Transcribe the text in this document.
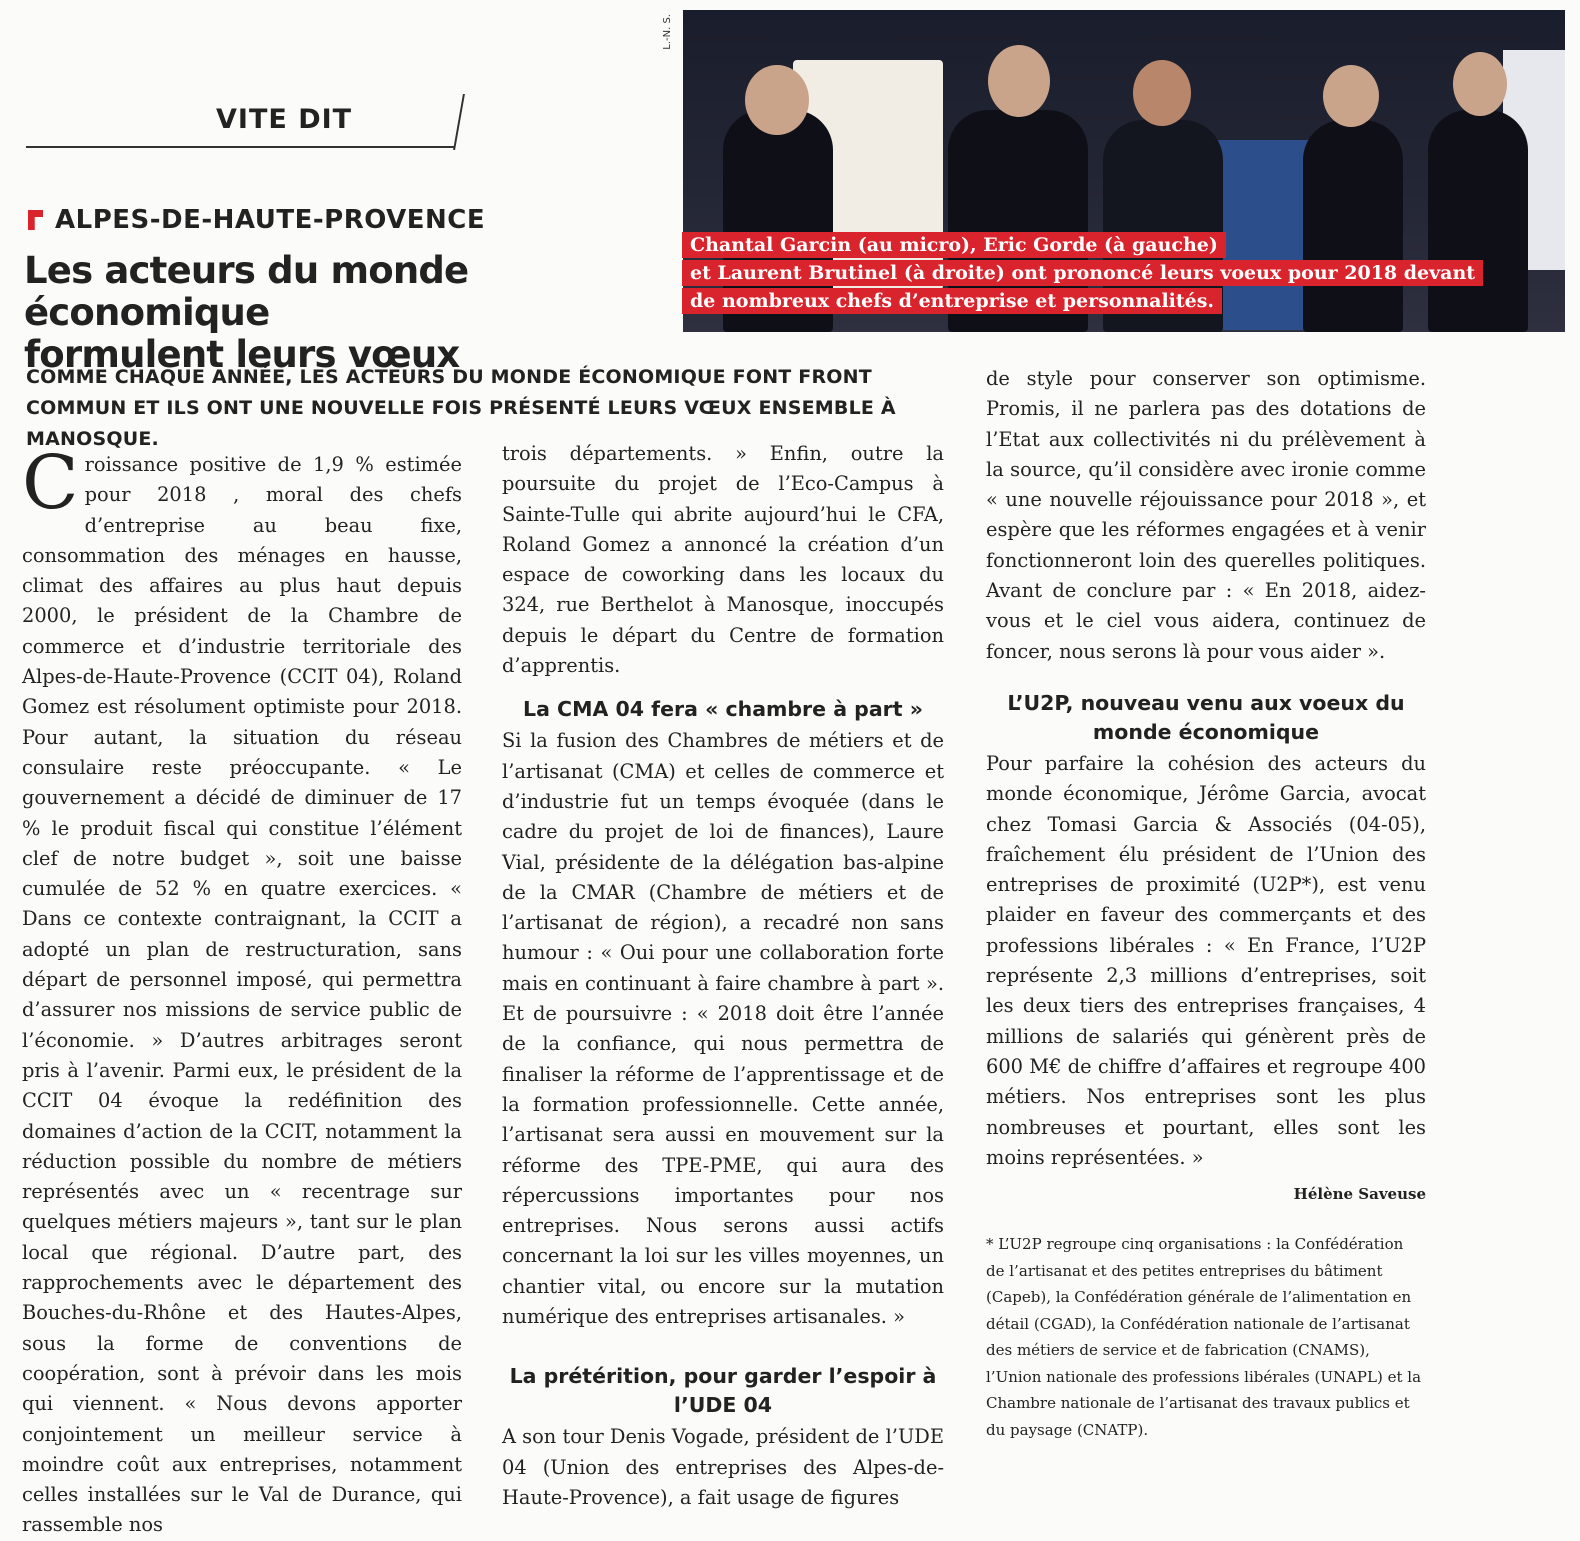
VITE DIT
ALPES-DE-HAUTE-PROVENCE
Les acteurs du monde économique
formulent leurs vœux
L.-N. S.
Chantal Garcin (au micro), Eric Gorde (à gauche)
et Laurent Brutinel (à droite) ont prononcé leurs voeux pour 2018 devant
de nombreux chefs d’entreprise et personnalités.
COMME CHAQUE ANNÉE, LES ACTEURS DU MONDE ÉCONOMIQUE FONT FRONT COMMUN ET ILS ONT UNE NOUVELLE FOIS PRÉSENTÉ LEURS VŒUX ENSEMBLE À MANOSQUE.

Croissance positive de 1,9 % estimée pour 2018 , moral des chefs d’entreprise au beau fixe, consommation des ménages en hausse, climat des affaires au plus haut depuis 2000, le président de la Chambre de commerce et d’industrie territoriale des Alpes-de-Haute-Provence (CCIT 04), Roland Gomez est résolument optimiste pour 2018. Pour autant, la situation du réseau consulaire reste préoccupante. « Le gouvernement a décidé de diminuer de 17 % le produit fiscal qui constitue l’élément clef de notre budget », soit une baisse cumulée de 52 % en quatre exercices. « Dans ce contexte contraignant, la CCIT a adopté un plan de restructuration, sans départ de personnel imposé, qui permettra d’assurer nos missions de service public de l’économie. » D’autres arbitrages seront pris à l’avenir. Parmi eux, le président de la CCIT 04 évoque la redéfinition des domaines d’action de la CCIT, notamment la réduction possible du nombre de métiers représentés avec un « recentrage sur quelques métiers majeurs », tant sur le plan local que régional. D’autre part, des rapprochements avec le département des Bouches-du-Rhône et des Hautes-Alpes, sous la forme de conventions de coopération, sont à prévoir dans les mois qui viennent. « Nous devons apporter conjointement un meilleur service à moindre coût aux entreprises, notamment celles installées sur le Val de Durance, qui rassemble nos

trois départements. » Enfin, outre la poursuite du projet de l’Eco-Campus à Sainte-Tulle qui abrite aujourd’hui le CFA, Roland Gomez a annoncé la création d’un espace de coworking dans les locaux du 324, rue Berthelot à Manosque, inoccupés depuis le départ du Centre de formation d’apprentis.

La CMA 04 fera « chambre à part »

Si la fusion des Chambres de métiers et de l’artisanat (CMA) et celles de commerce et d’industrie fut un temps évoquée (dans le cadre du projet de loi de finances), Laure Vial, présidente de la délégation bas-alpine de la CMAR (Chambre de métiers et de l’artisanat de région), a recadré non sans humour : « Oui pour une collaboration forte mais en continuant à faire chambre à part ». Et de poursuivre : « 2018 doit être l’année de la confiance, qui nous permettra de finaliser la réforme de l’apprentissage et de la formation professionnelle. Cette année, l’artisanat sera aussi en mouvement sur la réforme des TPE-PME, qui aura des répercussions importantes pour nos entreprises. Nous serons aussi actifs concernant la loi sur les villes moyennes, un chantier vital, ou encore sur la mutation numérique des entreprises artisanales. »

La prétérition, pour garder l’espoir à l’UDE 04

A son tour Denis Vogade, président de l’UDE 04 (Union des entreprises des Alpes-de-Haute-Provence), a fait usage de figures

de style pour conserver son optimisme. Promis, il ne parlera pas des dotations de l’Etat aux collectivités ni du prélèvement à la source, qu’il considère avec ironie comme « une nouvelle réjouissance pour 2018 », et espère que les réformes engagées et à venir fonctionneront loin des querelles politiques. Avant de conclure par : « En 2018, aidez-vous et le ciel vous aidera, continuez de foncer, nous serons là pour vous aider ».

L’U2P, nouveau venu aux voeux du monde économique

Pour parfaire la cohésion des acteurs du monde économique, Jérôme Garcia, avocat chez Tomasi Garcia & Associés (04-05), fraîchement élu président de l’Union des entreprises de proximité (U2P*), est venu plaider en faveur des commerçants et des professions libérales : « En France, l’U2P représente 2,3 millions d’entreprises, soit les deux tiers des entreprises françaises, 4 millions de salariés qui génèrent près de 600 M€ de chiffre d’affaires et regroupe 400 métiers. Nos entreprises sont les plus nombreuses et pourtant, elles sont les moins représentées. »

Hélène Saveuse
* L’U2P regroupe cinq organisations : la Confédération de l’artisanat et des petites entreprises du bâtiment (Capeb), la Confédération générale de l’alimentation en détail (CGAD), la Confédération nationale de l’artisanat des métiers de service et de fabrication (CNAMS), l’Union nationale des professions libérales (UNAPL) et la Chambre nationale de l’artisanat des travaux publics et du paysage (CNATP).
